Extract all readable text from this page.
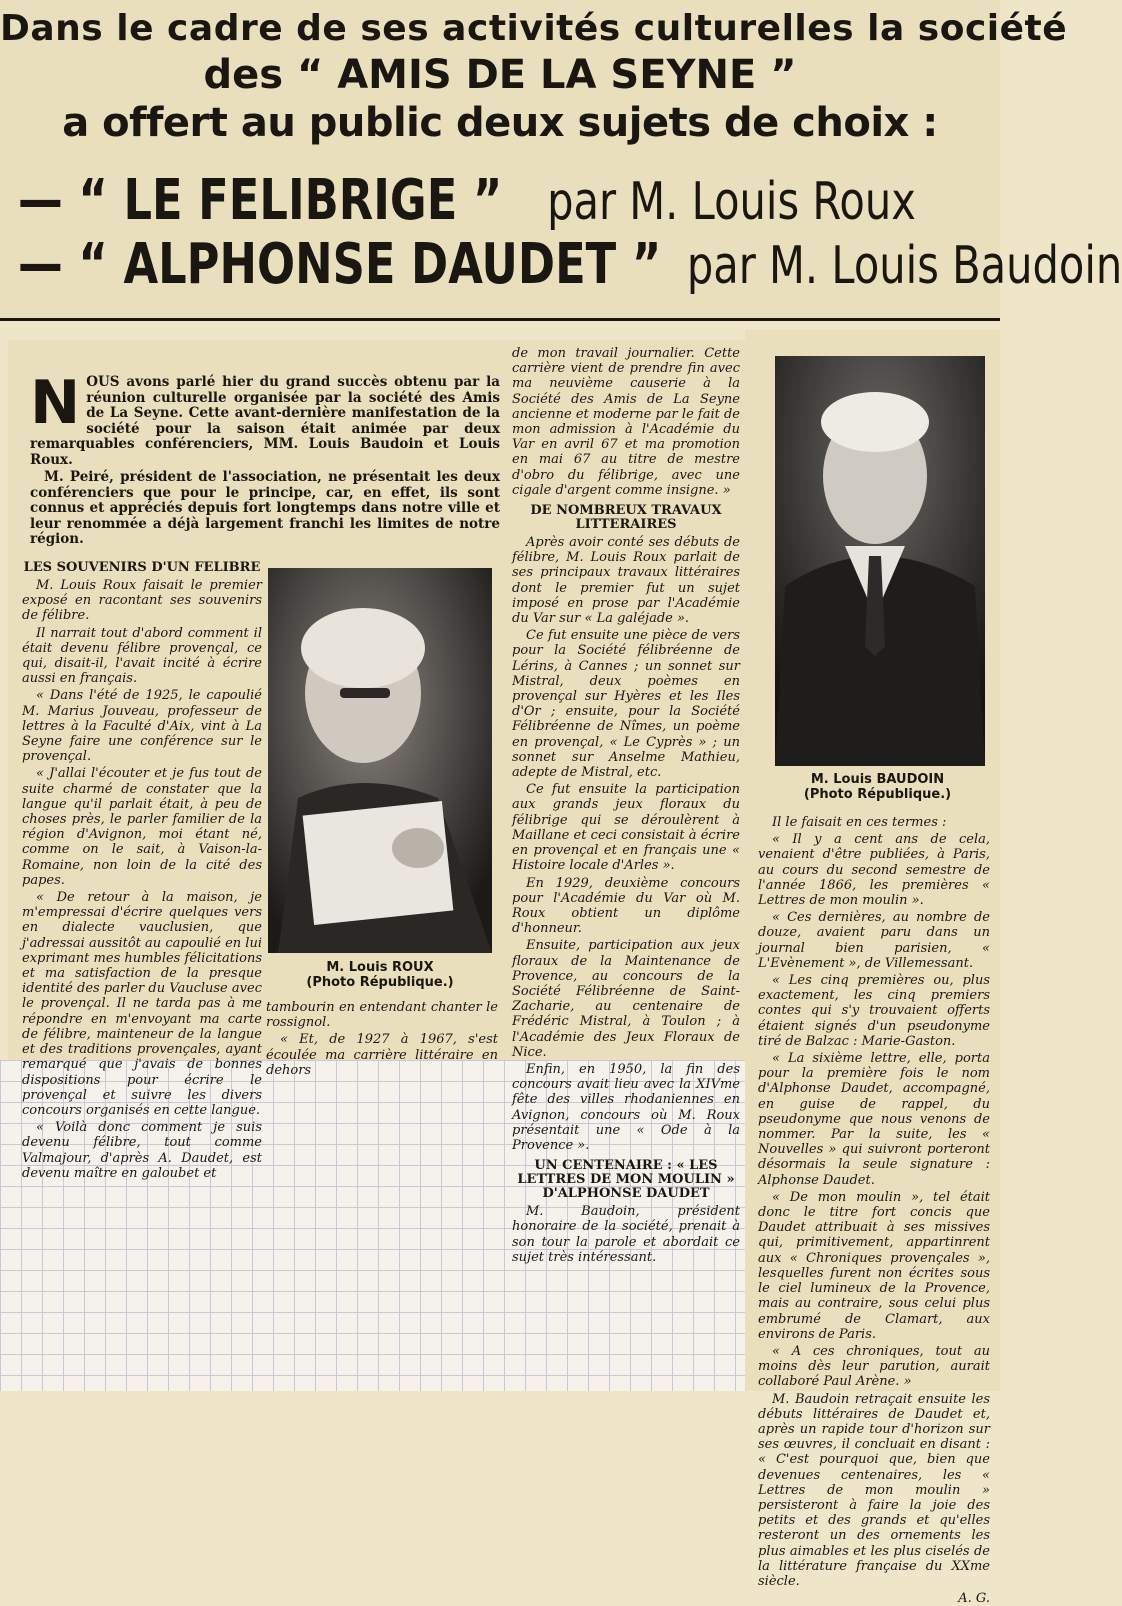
Dans le cadre de ses activités culturelles la société
des “ AMIS DE LA SEYNE ”
a offert au public deux sujets de choix :
— “ LE FELIBRIGE ” par M. Louis Roux
— “ ALPHONSE DAUDET ” par M. Louis Baudoin
N OUS avons parlé hier du grand succès obtenu par la réunion culturelle organisée par la société des Amis de La Seyne. Cette avant-dernière manifestation de la société pour la saison était animée par deux remarquables conférenciers, MM. Louis Baudoin et Louis Roux.

M. Peiré, président de l'association, ne présentait les deux conférenciers que pour le principe, car, en effet, ils sont connus et appréciés depuis fort longtemps dans notre ville et leur renommée a déjà largement franchi les limites de notre région.

LES SOUVENIRS D'UN FELIBRE

M. Louis Roux faisait le premier exposé en racontant ses souvenirs de félibre.

Il narrait tout d'abord comment il était devenu félibre provençal, ce qui, disait-il, l'avait incité à écrire aussi en français.

« Dans l'été de 1925, le capoulié M. Marius Jouveau, professeur de lettres à la Faculté d'Aix, vint à La Seyne faire une conférence sur le provençal.

« J'allai l'écouter et je fus tout de suite charmé de constater que la langue qu'il parlait était, à peu de choses près, le parler familier de la région d'Avignon, moi étant né, comme on le sait, à Vaison-la-Romaine, non loin de la cité des papes.

« De retour à la maison, je m'empressai d'écrire quelques vers en dialecte vauclusien, que j'adressai aussitôt au capoulié en lui exprimant mes humbles félicitations et ma satisfaction de la presque identité des parler du Vaucluse avec le provençal. Il ne tarda pas à me répondre en m'envoyant ma carte de félibre, mainteneur de la langue et des traditions provençales, ayant remarqué que j'avais de bonnes dispositions pour écrire le provençal et suivre les divers concours organisés en cette langue.

« Voilà donc comment je suis devenu félibre, tout comme Valmajour, d'après A. Daudet, est devenu maître en galoubet et

M. Louis ROUX
(Photo République.)

tambourin en entendant chanter le rossignol.

« Et, de 1927 à 1967, s'est écoulée ma carrière littéraire en dehors

de mon travail journalier. Cette carrière vient de prendre fin avec ma neuvième causerie à la Société des Amis de La Seyne ancienne et moderne par le fait de mon admission à l'Académie du Var en avril 67 et ma promotion en mai 67 au titre de mestre d'obro du félibrige, avec une cigale d'argent comme insigne. »

DE NOMBREUX TRAVAUX LITTERAIRES

Après avoir conté ses débuts de félibre, M. Louis Roux parlait de ses principaux travaux littéraires dont le premier fut un sujet imposé en prose par l'Académie du Var sur « La galéjade ».

Ce fut ensuite une pièce de vers pour la Société félibréenne de Lérins, à Cannes ; un sonnet sur Mistral, deux poèmes en provençal sur Hyères et les Iles d'Or ; ensuite, pour la Société Félibréenne de Nîmes, un poème en provençal, « Le Cyprès » ; un sonnet sur Anselme Mathieu, adepte de Mistral, etc.

Ce fut ensuite la participation aux grands jeux floraux du félibrige qui se déroulèrent à Maillane et ceci consistait à écrire en provençal et en français une « Histoire locale d'Arles ».

En 1929, deuxième concours pour l'Académie du Var où M. Roux obtient un diplôme d'honneur.

Ensuite, participation aux jeux floraux de la Maintenance de Provence, au concours de la Société Félibréenne de Saint-Zacharie, au centenaire de Frédéric Mistral, à Toulon ; à l'Académie des Jeux Floraux de Nice.

Enfin, en 1950, la fin des concours avait lieu avec la XIVme fête des villes rhodaniennes en Avignon, concours où M. Roux présentait une « Ode à la Provence ».

UN CENTENAIRE : « LES LETTRES DE MON MOULIN » D'ALPHONSE DAUDET

M. Baudoin, président honoraire de la société, prenait à son tour la parole et abordait ce sujet très intéressant.

M. Louis BAUDOIN
(Photo République.)

Il le faisait en ces termes :

« Il y a cent ans de cela, venaient d'être publiées, à Paris, au cours du second semestre de l'année 1866, les premières « Lettres de mon moulin ».

« Ces dernières, au nombre de douze, avaient paru dans un journal bien parisien, « L'Evènement », de Villemessant.

« Les cinq premières ou, plus exactement, les cinq premiers contes qui s'y trouvaient offerts étaient signés d'un pseudonyme tiré de Balzac : Marie-Gaston.

« La sixième lettre, elle, porta pour la première fois le nom d'Alphonse Daudet, accompagné, en guise de rappel, du pseudonyme que nous venons de nommer. Par la suite, les « Nouvelles » qui suivront porteront désormais la seule signature : Alphonse Daudet.

« De mon moulin », tel était donc le titre fort concis que Daudet attribuait à ses missives qui, primitivement, appartinrent aux « Chroniques provençales », lesquelles furent non écrites sous le ciel lumineux de la Provence, mais au contraire, sous celui plus embrumé de Clamart, aux environs de Paris.

« A ces chroniques, tout au moins dès leur parution, aurait collaboré Paul Arène. »

M. Baudoin retraçait ensuite les débuts littéraires de Daudet et, après un rapide tour d'horizon sur ses œuvres, il concluait en disant : « C'est pourquoi que, bien que devenues centenaires, les « Lettres de mon moulin » persisteront à faire la joie des petits et des grands et qu'elles resteront un des ornements les plus aimables et les plus ciselés de la littérature française du XXme siècle.

A. G.
